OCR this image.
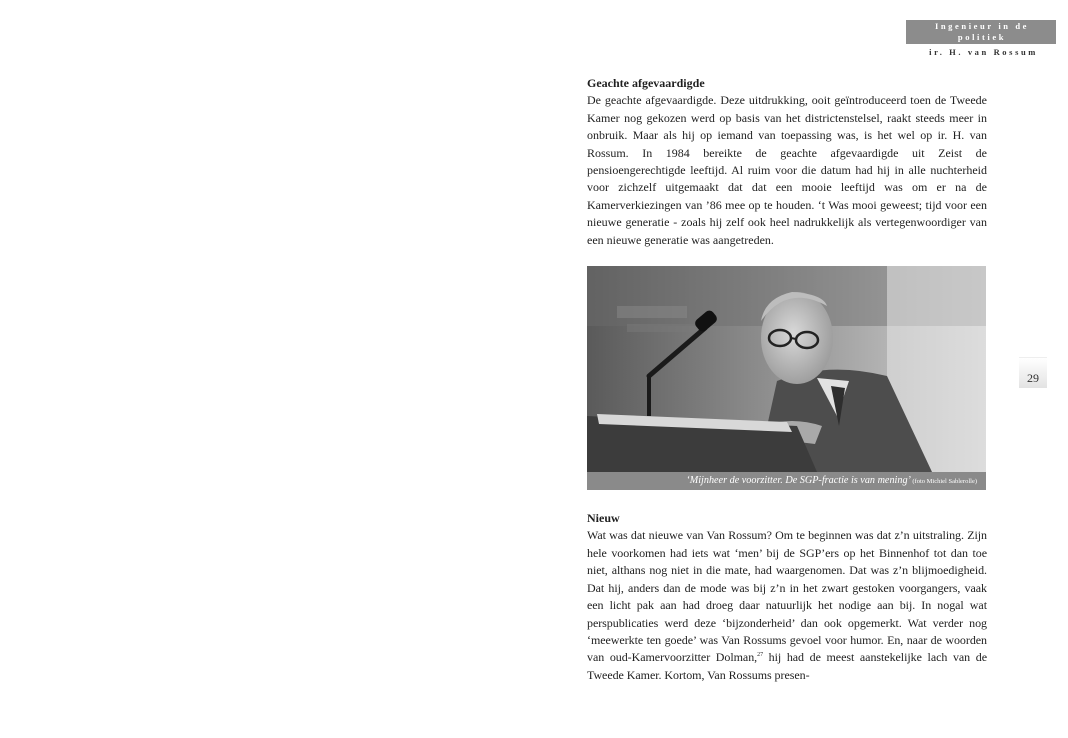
Ingenieur in de politiek
ir. H. van Rossum
29
Geachte afgevaardigde

De geachte afgevaardigde. Deze uitdrukking, ooit geïntroduceerd toen de Tweede Kamer nog gekozen werd op basis van het districtenstelsel, raakt steeds meer in onbruik. Maar als hij op iemand van toepassing was, is het wel op ir. H. van Rossum. In 1984 bereikte de geachte afgevaardigde uit Zeist de pensioengerechtigde leeftijd. Al ruim voor die datum had hij in alle nuchterheid voor zichzelf uitgemaakt dat dat een mooie leeftijd was om er na de Kamerverkiezingen van ’86 mee op te houden. ‘t Was mooi geweest; tijd voor een nieuwe generatie - zoals hij zelf ook heel nadrukkelijk als vertegenwoordiger van een nieuwe generatie was aangetreden.

‘Mijnheer de voorzitter. De SGP-fractie is van mening’ (foto Michiel Sablerolle)
Nieuw

Wat was dat nieuwe van Van Rossum? Om te beginnen was dat z’n uitstraling. Zijn hele voorkomen had iets wat ‘men’ bij de SGP’ers op het Binnenhof tot dan toe niet, althans nog niet in die mate, had waargenomen. Dat was z’n blijmoedigheid. Dat hij, anders dan de mode was bij z’n in het zwart gestoken voorgangers, vaak een licht pak aan had droeg daar natuurlijk het nodige aan bij. In nogal wat perspublicaties werd deze ‘bijzonderheid’ dan ook opgemerkt. Wat verder nog ‘meewerkte ten goede’ was Van Rossums gevoel voor humor. En, naar de woorden van oud-Kamervoorzitter Dolman,$^{27}$ hij had de meest aanstekelijke lach van de Tweede Kamer. Kortom, Van Rossums presen-
